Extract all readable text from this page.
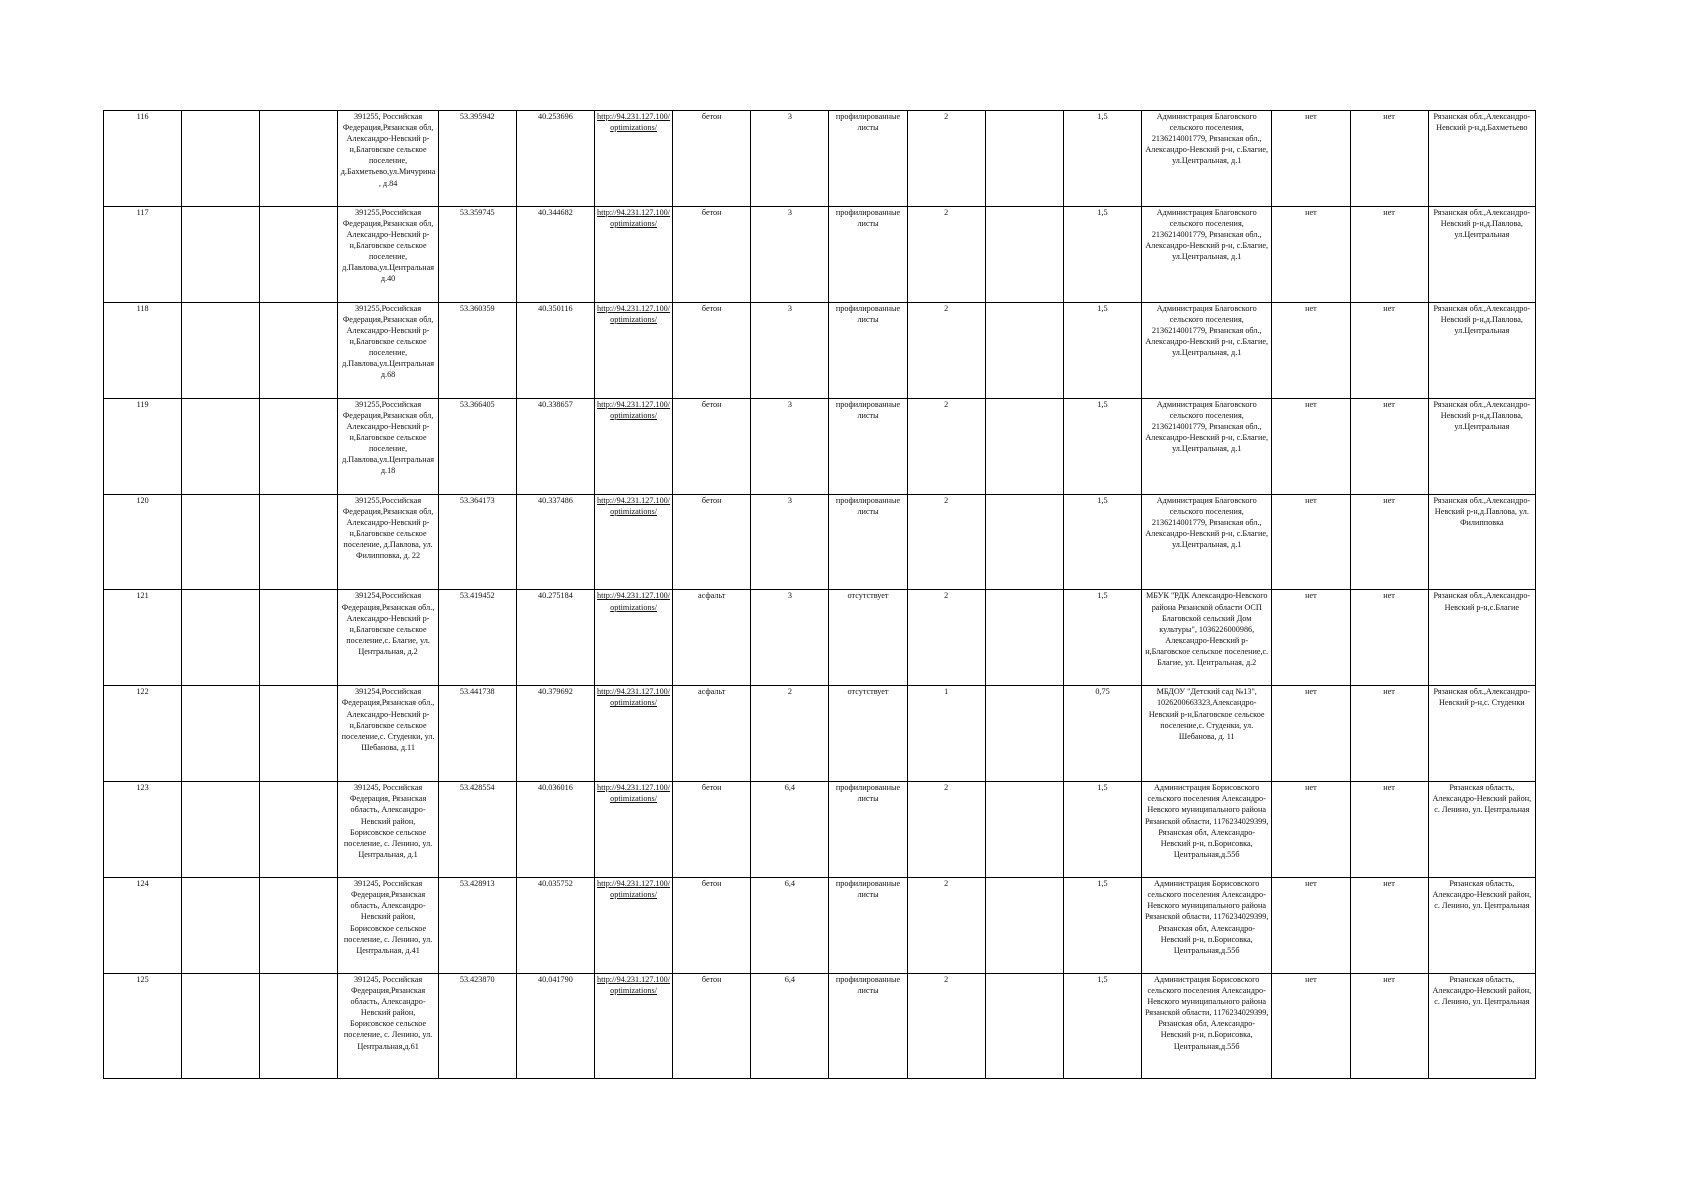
116			391255, Российская Федерация,Рязанская обл, Александро-Невский р-н,Благовское сельское поселение, д.Бахметьево,ул.Мичурина, д.84	53.395942	40.253696	http://94.231.127.100/optimizations/	бетон	3	профилированные листы	2		1,5	Администрация Благовского сельского поселения, 2136214001779, Рязанская обл., Александро-Невский р-н, с.Благие, ул.Центральная, д.1	нет	нет	Рязанская обл.,Александро-Невский р-н,д.Бахметьево
117			391255,Российская Федерация,Рязанская обл, Александро-Невский р-н,Благовское сельское поселение, д.Павлова,ул.Центральная д.40	53.359745	40.344682	http://94.231.127.100/optimizations/	бетон	3	профилированные листы	2		1,5	Администрация Благовского сельского поселения, 2136214001779, Рязанская обл., Александро-Невский р-н, с.Благие, ул.Центральная, д.1	нет	нет	Рязанская обл.,Александро-Невский р-н,д.Павлова, ул.Центральная
118			391255,Российская Федерация,Рязанская обл, Александро-Невский р-н,Благовское сельское поселение, д.Павлова,ул.Центральная д.68	53.360359	40.350116	http://94.231.127.100/optimizations/	бетон	3	профилированные листы	2		1,5	Администрация Благовского сельского поселения, 2136214001779, Рязанская обл., Александро-Невский р-н, с.Благие, ул.Центральная, д.1	нет	нет	Рязанская обл.,Александро-Невский р-н,д.Павлова, ул.Центральная
119			391255,Российская Федерация,Рязанская обл, Александро-Невский р-н,Благовское сельское поселение, д.Павлова,ул.Центральная д.18	53.366405	40.338657	http://94.231.127.100/optimizations/	бетон	3	профилированные листы	2		1,5	Администрация Благовского сельского поселения, 2136214001779, Рязанская обл., Александро-Невский р-н, с.Благие, ул.Центральная, д.1	нет	нет	Рязанская обл.,Александро-Невский р-н,д.Павлова, ул.Центральная
120			391255,Российская Федерация,Рязанская обл, Александро-Невский р-н,Благовское сельское поселение, д.Павлова, ул. Филипповка, д. 22	53.364173	40.337486	http://94.231.127.100/optimizations/	бетон	3	профилированные листы	2		1,5	Администрация Благовского сельского поселения, 2136214001779, Рязанская обл., Александро-Невский р-н, с.Благие, ул.Центральная, д.1	нет	нет	Рязанская обл.,Александро-Невский р-н,д.Павлова, ул. Филипповка
121			391254,Российская Федерация,Рязанская обл., Александро-Невский р-н,Благовское сельское поселение,с. Благие, ул. Центральная, д.2	53.419452	40.275184	http://94.231.127.100/optimizations/	асфальт	3	отсутствует	2		1,5	МБУК "РДК Александро-Невского района Рязанской области ОСП Благовской сельский Дом культуры", 1036226000986, Александро-Невский р-н,Благовское сельское поселение,с. Благие, ул. Центральная, д.2	нет	нет	Рязанская обл.,Александро-Невский р-н,с.Благие
122			391254,Российская Федерация,Рязанская обл., Александро-Невский р-н,Благовское сельское поселение,с. Студенки, ул. Шебанова, д.11	53.441738	40.379692	http://94.231.127.100/optimizations/	асфальт	2	отсутствует	1		0,75	МБДОУ "Детский сад №13", 1026200663323,Александро-Невский р-н,Благовское сельское поселение,с. Студенки, ул. Шебанова, д. 11	нет	нет	Рязанская обл.,Александро-Невский р-н,с. Студенки
123			391245, Российская Федерация, Рязанская область, Александро-Невский район, Борисовское сельское поселение, с. Ленино, ул. Центральная, д.1	53.428554	40.036016	http://94.231.127.100/optimizations/	бетон	6,4	профилированные листы	2		1,5	Администрация Борисовского сельского поселения Александро-Невского муниципального района Рязанской области, 1176234029399, Рязанская обл, Александро-Невский р-н, п.Борисовка, Центральная,д.55б	нет	нет	Рязанская область, Александро-Невский район, с. Ленино, ул. Центральная
124			391245, Российская Федерация,Рязанская область, Александро-Невский район, Борисовское сельское поселение, с. Ленино, ул. Центральная, д.41	53.428913	40.035752	http://94.231.127.100/optimizations/	бетон	6,4	профилированные листы	2		1,5	Администрация Борисовского сельского поселения Александро-Невского муниципального района Рязанской области, 1176234029399, Рязанская обл, Александро-Невский р-н, п.Борисовка, Центральная,д.55б	нет	нет	Рязанская область, Александро-Невский район, с. Ленино, ул. Центральная
125			391245, Российская Федерация,Рязанская область, Александро-Невский район, Борисовское сельское поселение, с. Ленино, ул. Центральная,д.61	53.423870	40.041790	http://94.231.127.100/optimizations/	бетон	6,4	профилированные листы	2		1,5	Администрация Борисовского сельского поселения Александро-Невского муниципального района Рязанской области, 1176234029399, Рязанская обл, Александро-Невский р-н, п.Борисовка, Центральная,д.55б	нет	нет	Рязанская область, Александро-Невский район, с. Ленино, ул. Центральная
